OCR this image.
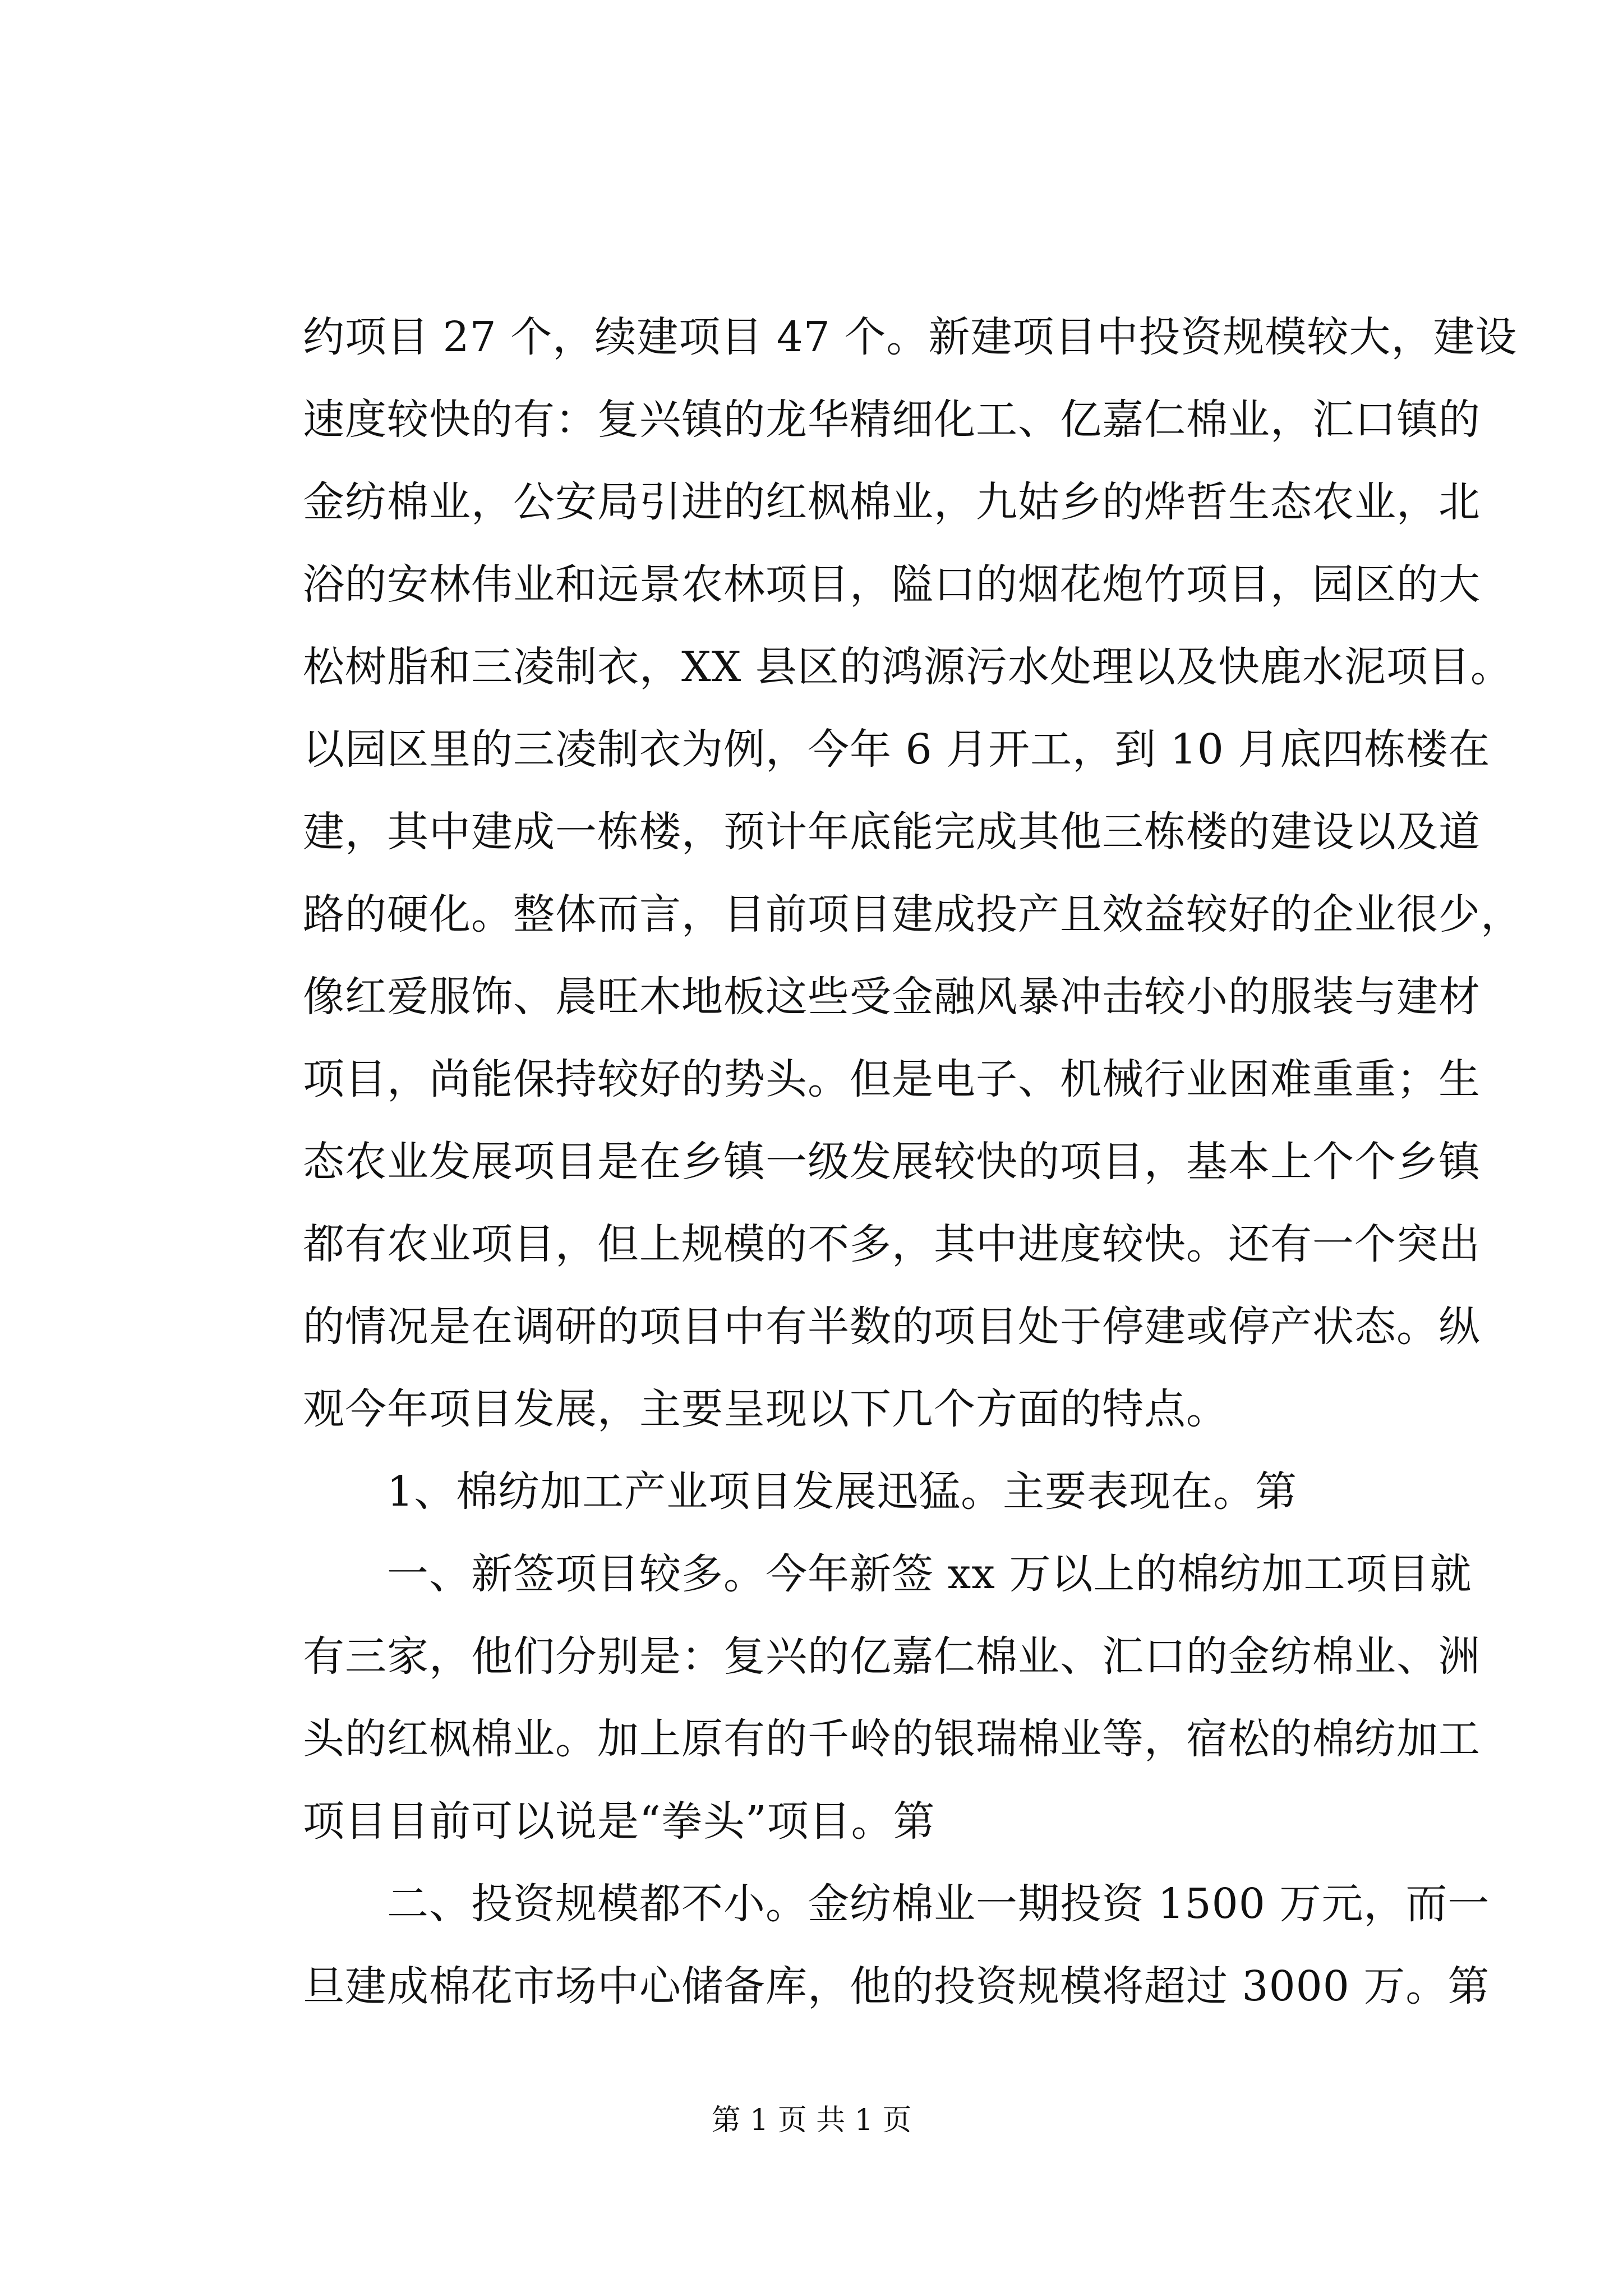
约项目 27 个，续建项目 47 个。新建项目中投资规模较大，建设
速度较快的有：复兴镇的龙华精细化工、亿嘉仁棉业，汇口镇的
金纺棉业，公安局引进的红枫棉业，九姑乡的烨哲生态农业，北
浴的安林伟业和远景农林项目，隘口的烟花炮竹项目，园区的大
松树脂和三凌制衣，XX 县区的鸿源污水处理以及快鹿水泥项目。
以园区里的三凌制衣为例，今年 6 月开工，到 10 月底四栋楼在
建，其中建成一栋楼，预计年底能完成其他三栋楼的建设以及道
路的硬化。整体而言，目前项目建成投产且效益较好的企业很少，
像红爱服饰、晨旺木地板这些受金融风暴冲击较小的服装与建材
项目，尚能保持较好的势头。但是电子、机械行业困难重重；生
态农业发展项目是在乡镇一级发展较快的项目，基本上个个乡镇
都有农业项目，但上规模的不多，其中进度较快。还有一个突出
的情况是在调研的项目中有半数的项目处于停建或停产状态。纵
观今年项目发展，主要呈现以下几个方面的特点。
1、棉纺加工产业项目发展迅猛。主要表现在。第
一、新签项目较多。今年新签 xx 万以上的棉纺加工项目就
有三家，他们分别是：复兴的亿嘉仁棉业、汇口的金纺棉业、洲
头的红枫棉业。加上原有的千岭的银瑞棉业等，宿松的棉纺加工
项目目前可以说是“拳头”项目。第
二、投资规模都不小。金纺棉业一期投资 1500 万元，而一
旦建成棉花市场中心储备库，他的投资规模将超过 3000 万。第
第 1 页 共 1 页
